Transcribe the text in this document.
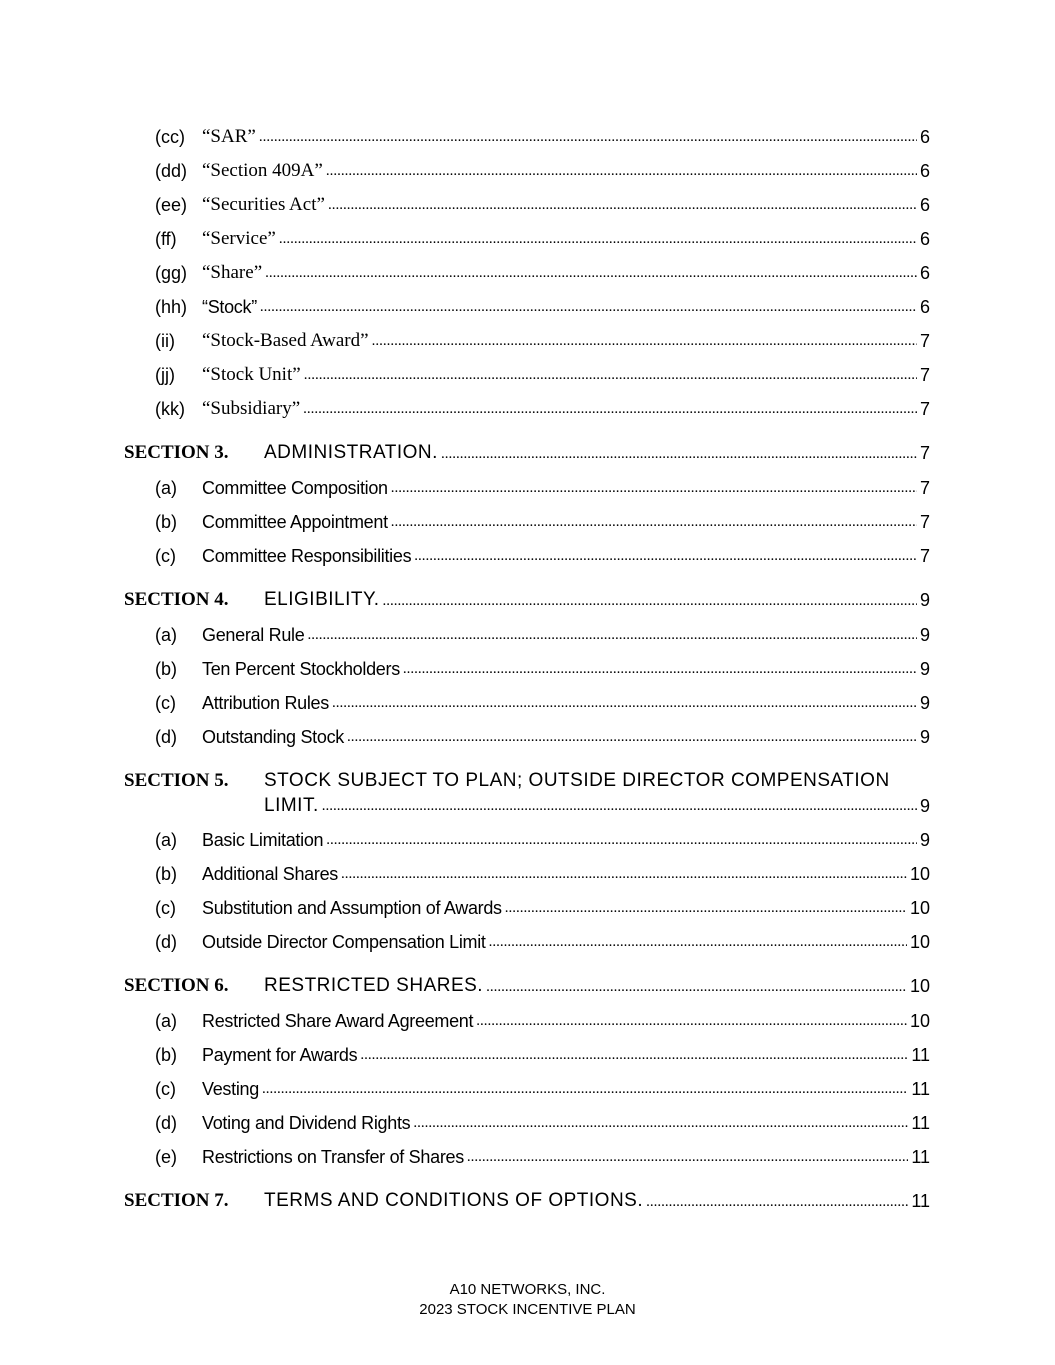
(cc) “SAR” .....	6
(dd) “Section 409A” .....	6
(ee) “Securities Act” .....	6
(ff)	“Service” .....	6
(gg) “Share” .....	6
(hh) “Stock” .....	6
(ii)	“Stock-Based Award” .....	7
(jj)	“Stock Unit” .....	7
(kk) “Subsidiary” .....	7
SECTION 3.	ADMINISTRATION. .....	7
(a)	Committee Composition .....	7
(b)	Committee Appointment .....	7
(c)	Committee Responsibilities .....	7
SECTION 4.	ELIGIBILITY. .....	9
(a)	General Rule .....	9
(b)	Ten Percent Stockholders .....	9
(c)	Attribution Rules .....	9
(d)	Outstanding Stock .....	9
SECTION 5.	STOCK SUBJECT TO PLAN; OUTSIDE DIRECTOR COMPENSATION
LIMIT. .....	9
(a)	Basic Limitation .....	9
(b)	Additional Shares .....	10
(c)	Substitution and Assumption of Awards .....	10
(d)	Outside Director Compensation Limit .....	10
SECTION 6.	RESTRICTED SHARES. .....	10
(a)	Restricted Share Award Agreement .....	10
(b)	Payment for Awards .....	11
(c)	Vesting .....	11
(d)	Voting and Dividend Rights .....	11
(e)	Restrictions on Transfer of Shares .....	11
SECTION 7.	TERMS AND CONDITIONS OF OPTIONS. .....	11
A10 NETWORKS, INC.
2023 STOCK INCENTIVE PLAN
